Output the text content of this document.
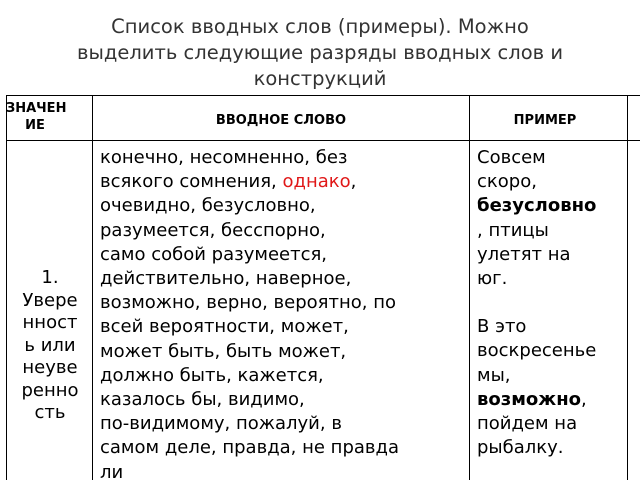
Список вводных слов (примеры). Можно
выделить следующие разряды вводных слов и
конструкций
ЗНАЧЕН
ИЕ	ВВОДНОЕ СЛОВО	ПРИМЕР
1.
Увере
нност
ь или
неуве
ренно
сть
конечно, несомненно, без
всякого сомнения, однако,
очевидно, безусловно,
разумеется, бесспорно,
само собой разумеется,
действительно, наверное,
возможно, верно, вероятно, по
всей вероятности, может,
может быть, быть может,
должно быть, кажется,
казалось бы, видимо,
по-видимому, пожалуй, в
самом деле, правда, не правда
ли
Совсем
скоро,
безусловно
, птицы
улетят на
юг.
В это
воскресенье
мы,
возможно,
пойдем на
рыбалку.
